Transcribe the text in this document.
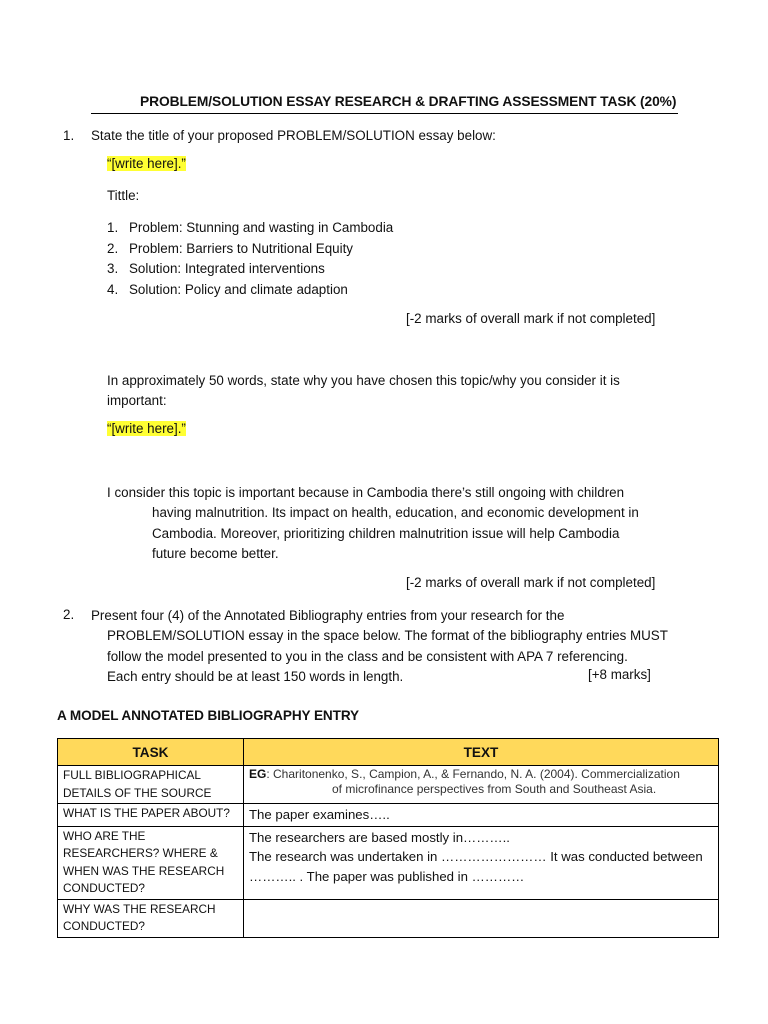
PROBLEM/SOLUTION ESSAY RESEARCH & DRAFTING ASSESSMENT TASK (20%)
1. State the title of your proposed PROBLEM/SOLUTION essay below:
“[write here].”
Tittle:
1. Problem: Stunning and wasting in Cambodia
2. Problem: Barriers to Nutritional Equity
3. Solution: Integrated interventions
4. Solution: Policy and climate adaption
[-2 marks of overall mark if not completed]
In approximately 50 words, state why you have chosen this topic/why you consider it is
important:
“[write here].”
I consider this topic is important because in Cambodia there’s still ongoing with children
having malnutrition. Its impact on health, education, and economic development in
Cambodia. Moreover, prioritizing children malnutrition issue will help Cambodia
future become better.
[-2 marks of overall mark if not completed]
2. Present four (4) of the Annotated Bibliography entries from your research for the
PROBLEM/SOLUTION essay in the space below. The format of the bibliography entries MUST
follow the model presented to you in the class and be consistent with APA 7 referencing.
Each entry should be at least 150 words in length.	[+8 marks]
A MODEL ANNOTATED BIBLIOGRAPHY ENTRY
TASK	TEXT
FULL BIBLIOGRAPHICAL DETAILS OF THE SOURCE	EG: Charitonenko, S., Campion, A., & Fernando, N. A. (2004). Commercialization
of microfinance perspectives from South and Southeast Asia.

WHAT IS THE PAPER ABOUT?	The paper examines…..
WHO ARE THE RESEARCHERS? WHERE & WHEN WAS THE RESEARCH CONDUCTED?	The researchers are based mostly in………..
The research was undertaken in …………………… It was conducted between
……….. . The paper was published in …………

WHY WAS THE RESEARCH CONDUCTED?	
